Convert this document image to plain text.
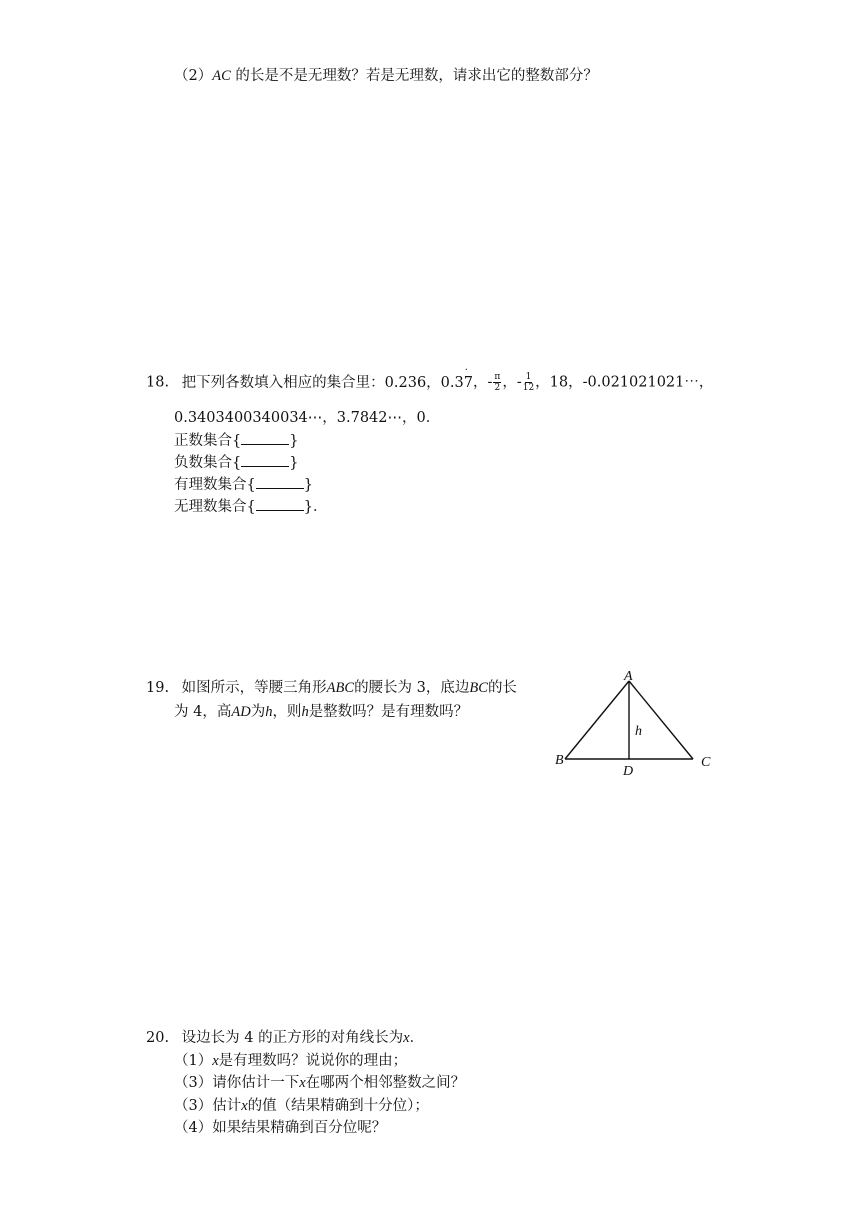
（2）AC 的长是不是无理数？若是无理数，请求出它的整数部分？
18. 把下列各数填入相应的集合里：0.236，0.3· 7，- $\frac{\pi}{2}$ ，- $\frac{1}{12}$ ，18，-0.021021021⋯，
0.3403400340034⋯，3.7842⋯，0．
正数集合{	}
负数集合{	}
有理数集合{	}
无理数集合{	}．
19. 如图所示，等腰三角形ABC的腰长为 3，底边BC的长
为 4，高AD为h，则h是整数吗？是有理数吗？
A
B	C
D
h
20. 设边长为 4 的正方形的对角线长为x．
（1）x是有理数吗？说说你的理由；
（3）请你估计一下x在哪两个相邻整数之间？
（3）估计x的值（结果精确到十分位）；
（4）如果结果精确到百分位呢？
